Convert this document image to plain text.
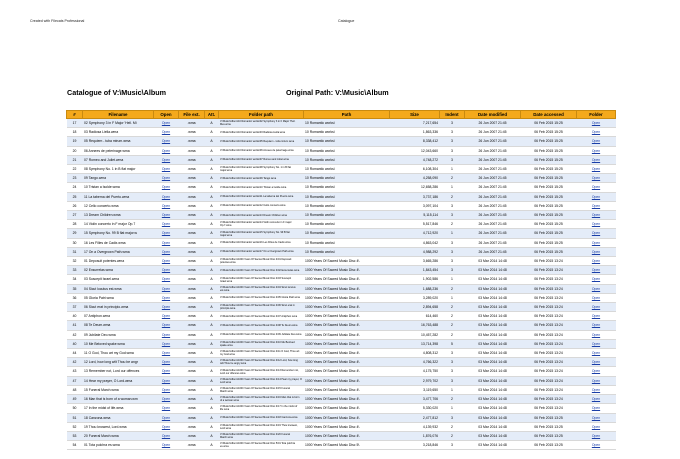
Created with Filecats Professional	Catalogue
Catalogue of V:\Music\Album	Original Path: V:\Music\Album
#	Filename	Open	File ext.	Att.	Folder path	Path	Size	Indent	Date modified	Date accessed	Folder
17	02 Symphony 3 in F Major 'Heil. Mi	Open	.wma	A	V:\Music\Album\10 Romantic works\02 Symphony 3 in F Major 'Heil. Mes.wma	10 Romantic works\	7,217,654	3	26 Jun 2007 21:45	06 Feb 2015 15:25	Open
18	03 Radiosa Liella.wma	Open	.wma	A	V:\Music\Album\10 Romantic works\03 Radiosa Liella.wma	10 Romantic works\	1,863,336	3	26 Jun 2007 21:45	06 Feb 2015 15:25	Open
19	05 Requiem - tuba mirum.wma	Open	.wma	A	V:\Music\Album\10 Romantic works\05 Requiem - tuba mirum.wma	10 Romantic works\	8,338,412	3	26 Jun 2007 21:45	06 Feb 2015 15:25	Open
20	06 Annees de pelerinage.wma	Open	.wma	A	V:\Music\Album\10 Romantic works\06 Annees de pelerinage.wma	10 Romantic works\	12,043,660	3	26 Jun 2007 21:45	06 Feb 2015 15:25	Open
21	07 Romeo and Juliet.wma	Open	.wma	A	V:\Music\Album\10 Romantic works\07 Romeo and Juliet.wma	10 Romantic works\	4,748,272	3	26 Jun 2007 21:45	06 Feb 2015 15:25	Open
22	08 Symphony No. 1 in B flat major	Open	.wma	A	V:\Music\Album\10 Romantic works\08 Symphony No. 1 in B flat major.wma	10 Romantic works\	6,108,304	1	26 Jun 2007 21:45	06 Feb 2015 15:25	Open
23	09 Tango.wma	Open	.wma	A	V:\Music\Album\10 Romantic works\09 Tango.wma	10 Romantic works\	4,258,090	2	26 Jun 2007 21:45	06 Feb 2015 15:25	Open
24	10 Tristan a Isolde.wma	Open	.wma	A	V:\Music\Album\10 Romantic works\10 Tristan a Isolde.wma	10 Romantic works\	12,658,286	1	26 Jun 2007 21:45	06 Feb 2015 15:25	Open
25	11 La taberna del Puerto.wma	Open	.wma	A	V:\Music\Album\10 Romantic works\11 La taberna del Puerto.wma	10 Romantic works\	3,737,186	2	26 Jun 2007 21:45	06 Feb 2015 15:25	Open
26	12 Cello concerto.wma	Open	.wma	A	V:\Music\Album\10 Romantic works\12 Cello concerto.wma	10 Romantic works\	3,097,104	3	26 Jun 2007 21:45	06 Feb 2015 15:25	Open
27	13 Dream Children.wma	Open	.wma	A	V:\Music\Album\10 Romantic works\13 Dream Children.wma	10 Romantic works\	5,115,114	3	26 Jun 2007 21:45	06 Feb 2015 15:25	Open
28	14 Violin concerto in F major Op.7	Open	.wma	A	V:\Music\Album\10 Romantic works\14 Violin concerto in F major Op.7.wma	10 Romantic works\	5,517,846	2	26 Jun 2007 21:45	06 Feb 2015 15:25	Open
29	15 Symphony No. 99 B flat major.w	Open	.wma	A	V:\Music\Album\10 Romantic works\15 Symphony No. 99 B flat major.wma	10 Romantic works\	4,712,920	1	26 Jun 2007 21:45	06 Feb 2015 15:25	Open
30	16 Les Filles de Cadix.wma	Open	.wma	A	V:\Music\Album\10 Romantic works\16 Les Filles de Cadix.wma	10 Romantic works\	4,863,042	3	26 Jun 2007 21:45	06 Feb 2015 15:25	Open
31	17 On a Overgrown Path.wma	Open	.wma	A	V:\Music\Album\10 Romantic works\17 On a Overgrown Path.wma	10 Romantic works\	4,988,292	3	26 Jun 2007 21:45	06 Feb 2015 15:25	Open
32	01 Deposuit potentes.wma	Open	.wma	A	V:\Music\Album\1000 Years Of Sacred Music Disc 4\01 Deposuit potentes.wma	1000 Years Of Sacred Music Disc 4\	3,665,286	3	03 Mar 2014 14:48	06 Feb 2015 13:24	Open
33	02 Exsurrelas.wma	Open	.wma	A	V:\Music\Album\1000 Years Of Sacred Music Disc 4\02 Exsurrelas.wma	1000 Years Of Sacred Music Disc 4\	1,843,454	3	03 Mar 2014 14:48	06 Feb 2015 13:24	Open
34	03 Suscepit Israel.wma	Open	.wma	A	V:\Music\Album\1000 Years Of Sacred Music Disc 4\03 Suscepit Israel.wma	1000 Years Of Sacred Music Disc 4\	1,902,586	1	03 Mar 2014 14:48	06 Feb 2015 13:24	Open
35	04 Sicut locutus est.wma	Open	.wma	A	V:\Music\Album\1000 Years Of Sacred Music Disc 4\04 Sicut locutus est.wma	1000 Years Of Sacred Music Disc 4\	1,688,236	2	03 Mar 2014 14:48	06 Feb 2015 13:24	Open
36	05 Gloria Patri.wma	Open	.wma	A	V:\Music\Album\1000 Years Of Sacred Music Disc 4\05 Gloria Patri.wma	1000 Years Of Sacred Music Disc 4\	3,289,020	1	03 Mar 2014 14:48	06 Feb 2015 13:24	Open
37	06 Sicut erat in principio.wma	Open	.wma	A	V:\Music\Album\1000 Years Of Sacred Music Disc 4\06 Sicut erat in principio.wma	1000 Years Of Sacred Music Disc 4\	2,894,658	2	03 Mar 2014 14:48	06 Feb 2015 13:24	Open
40	07 Antiphon.wma	Open	.wma	A	V:\Music\Album\1000 Years Of Sacred Music Disc 4\07 Antiphon.wma	1000 Years Of Sacred Music Disc 4\	614,460	2	03 Mar 2014 14:48	06 Feb 2015 13:24	Open
41	08 Te Deum.wma	Open	.wma	A	V:\Music\Album\1000 Years Of Sacred Music Disc 4\08 Te Deum.wma	1000 Years Of Sacred Music Disc 4\	16,763,488	2	03 Mar 2014 14:48	06 Feb 2015 13:24	Open
42	09 Jubilate Deo.wma	Open	.wma	A	V:\Music\Album\1000 Years Of Sacred Music Disc 4\09 Jubilate Deo.wma	1000 Years Of Sacred Music Disc 4\	10,457,282	2	03 Mar 2014 14:48	06 Feb 2015 13:24	Open
40	10 Me Beloved spake.wma	Open	.wma	A	V:\Music\Album\1000 Years Of Sacred Music Disc 4\10 Me Beloved spake.wma	1000 Years Of Sacred Music Disc 4\	13,714,398	5	03 Mar 2014 14:48	06 Feb 2015 13:24	Open
44	11 O God, Thou art my God.wma	Open	.wma	A	V:\Music\Album\1000 Years Of Sacred Music Disc 4\11 O God, Thou art my God.wma	1000 Years Of Sacred Music Disc 4\	4,808,312	3	03 Mar 2014 14:48	06 Feb 2015 13:24	Open
42	12 Lord, how long wilt Thou be angr	Open	.wma	A	V:\Music\Album\1000 Years Of Sacred Music Disc 4\12 Lord, how long wilt Thou be angry.wma	1000 Years Of Sacred Music Disc 4\	4,766,322	3	03 Mar 2014 14:48	06 Feb 2015 13:24	Open
43	13 Remember not, Lord our offences	Open	.wma	A	V:\Music\Album\1000 Years Of Sacred Music Disc 4\13 Remember not, Lord our offences.wma	1000 Years Of Sacred Music Disc 4\	4,175,750	3	03 Mar 2014 14:48	06 Feb 2015 13:24	Open
47	14 Hear my prayer, O Lord.wma	Open	.wma	A	V:\Music\Album\1000 Years Of Sacred Music Disc 4\14 Hear my prayer, O Lord.wma	1000 Years Of Sacred Music Disc 4\	2,979,702	3	03 Mar 2014 14:48	06 Feb 2015 13:24	Open
48	15 Funeral March.wma	Open	.wma	A	V:\Music\Album\1000 Years Of Sacred Music Disc 4\15 Funeral March.wma	1000 Years Of Sacred Music Disc 4\	3,119,650	1	03 Mar 2014 14:48	06 Feb 2015 13:24	Open
49	16 Man that is born of a woman.wm	Open	.wma	A	V:\Music\Album\1000 Years Of Sacred Music Disc 4\16 Man that is born of a woman.wma	1000 Years Of Sacred Music Disc 4\	3,477,706	2	03 Mar 2014 14:48	06 Feb 2015 13:24	Open
50	17 In the midst of life.wma	Open	.wma	A	V:\Music\Album\1000 Years Of Sacred Music Disc 4\17 In the midst of life.wma	1000 Years Of Sacred Music Disc 4\	5,330,020	1	03 Mar 2014 14:48	06 Feb 2015 13:24	Open
51	18 Canzona.wma	Open	.wma	A	V:\Music\Album\1000 Years Of Sacred Music Disc 4\18 Canzona.wma	1000 Years Of Sacred Music Disc 4\	2,477,812	3	03 Mar 2014 14:48	06 Feb 2015 13:25	Open
52	19 Thou knowest, Lord.wma	Open	.wma	A	V:\Music\Album\1000 Years Of Sacred Music Disc 4\19 Thou knowest, Lord.wma	1000 Years Of Sacred Music Disc 4\	4,139,932	2	03 Mar 2014 14:48	06 Feb 2015 13:25	Open
53	20 Funeral March.wma	Open	.wma	A	V:\Music\Album\1000 Years Of Sacred Music Disc 4\20 Funeral March.wma	1000 Years Of Sacred Music Disc 4\	1,876,076	2	03 Mar 2014 14:48	06 Feb 2015 13:25	Open
54	01 Tota pulchra es.wma	Open	.wma	A	V:\Music\Album\1000 Years Of Sacred Music Disc 5\01 Tota pulchra es.wma	1000 Years Of Sacred Music Disc 5\	3,218,846	3	03 Mar 2014 14:48	06 Feb 2015 13:25	Open
